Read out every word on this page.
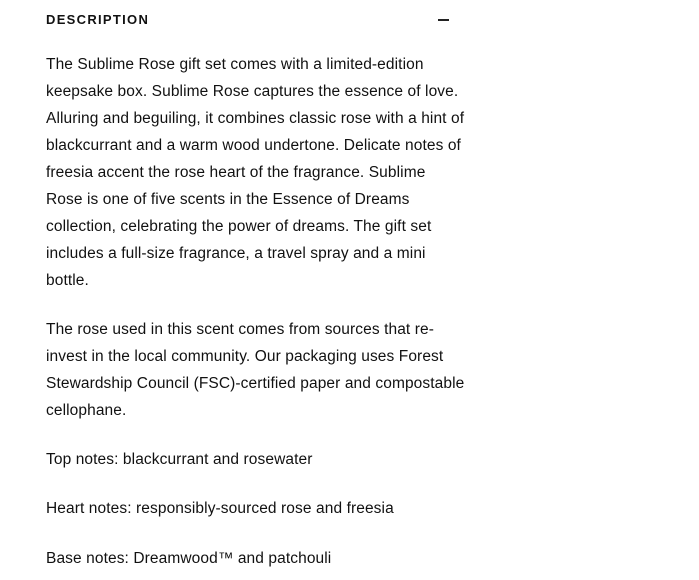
DESCRIPTION

The Sublime Rose gift set comes with a limited-edition keepsake box. Sublime Rose captures the essence of love. Alluring and beguiling, it combines classic rose with a hint of blackcurrant and a warm wood undertone. Delicate notes of freesia accent the rose heart of the fragrance. Sublime Rose is one of five scents in the Essence of Dreams collection, celebrating the power of dreams. The gift set includes a full-size fragrance, a travel spray and a mini bottle.

The rose used in this scent comes from sources that re-invest in the local community. Our packaging uses Forest Stewardship Council (FSC)-certified paper and compostable cellophane.

Top notes: blackcurrant and rosewater

Heart notes: responsibly-sourced rose and freesia

Base notes: Dreamwood™ and patchouli
